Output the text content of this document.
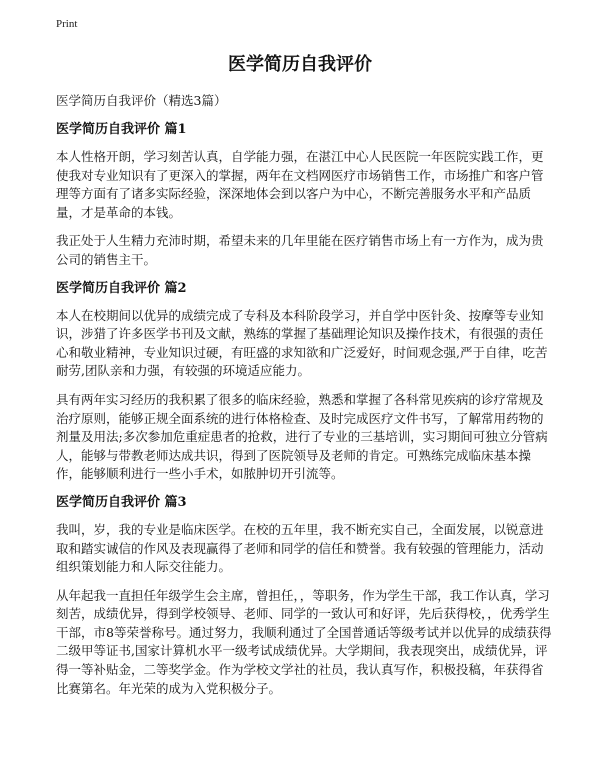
Print
医学简历自我评价

医学简历自我评价（精选3篇）

医学简历自我评价 篇1

本人性格开朗，学习刻苦认真，自学能力强，在湛江中心人民医院一年医院实践工作，更使我对专业知识有了更深入的掌握，两年在文档网医疗市场销售工作，市场推广和客户管理等方面有了诸多实际经验，深深地体会到以客户为中心，不断完善服务水平和产品质量，才是革命的本钱。

我正处于人生精力充沛时期，希望未来的几年里能在医疗销售市场上有一方作为，成为贵公司的销售主干。

医学简历自我评价 篇2

本人在校期间以优异的成绩完成了专科及本科阶段学习，并自学中医针灸、按摩等专业知识，涉猎了许多医学书刊及文献，熟练的掌握了基础理论知识及操作技术，有很强的责任心和敬业精神，专业知识过硬，有旺盛的求知欲和广泛爱好，时间观念强,严于自律，吃苦耐劳,团队亲和力强，有较强的环境适应能力。

具有两年实习经历的我积累了很多的临床经验，熟悉和掌握了各科常见疾病的诊疗常规及治疗原则，能够正规全面系统的进行体格检查、及时完成医疗文件书写，了解常用药物的剂量及用法;多次参加危重症患者的抢救，进行了专业的三基培训，实习期间可独立分管病人，能够与带教老师达成共识，得到了医院领导及老师的肯定。可熟练完成临床基本操作，能够顺利进行一些小手术，如脓肿切开引流等。

医学简历自我评价 篇3

我叫，岁，我的专业是临床医学。在校的五年里，我不断充实自己，全面发展，以锐意进取和踏实诚信的作风及表现赢得了老师和同学的信任和赞誉。我有较强的管理能力，活动组织策划能力和人际交往能力。

从年起我一直担任年级学生会主席，曾担任，，等职务，作为学生干部，我工作认真，学习刻苦，成绩优异，得到学校领导、老师、同学的一致认可和好评，先后获得校，，优秀学生干部，市8等荣誉称号。通过努力，我顺利通过了全国普通话等级考试并以优异的成绩获得二级甲等证书,国家计算机水平一级考试成绩优异。大学期间，我表现突出，成绩优异，评得一等补贴金，二等奖学金。作为学校文学社的社员，我认真写作，积极投稿，年获得省比赛第名。年光荣的成为入党积极分子。
